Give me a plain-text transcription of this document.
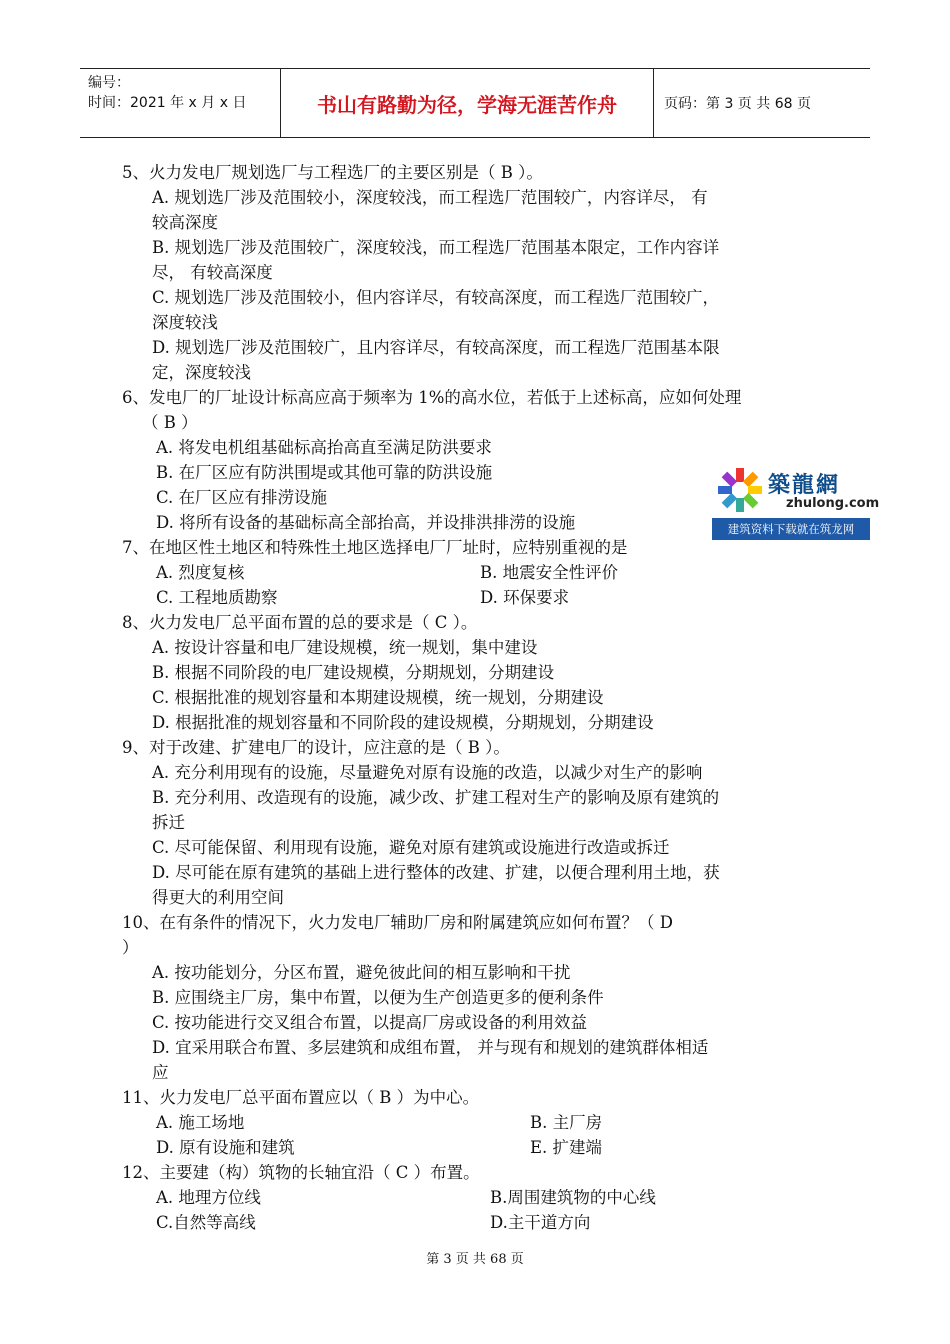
编号：
时间：2021 年 x 月 x 日	书山有路勤为径，学海无涯苦作舟	页码：第 3 页 共 68 页
5、火力发电厂规划选厂与工程选厂的主要区别是（ B ）。
A. 规划选厂涉及范围较小，深度较浅，而工程选厂范围较广，内容详尽， 有
较高深度
B. 规划选厂涉及范围较广，深度较浅，而工程选厂范围基本限定，工作内容详
尽， 有较高深度
C. 规划选厂涉及范围较小，但内容详尽，有较高深度，而工程选厂范围较广，
深度较浅
D. 规划选厂涉及范围较广，且内容详尽，有较高深度，而工程选厂范围基本限
定，深度较浅
6、发电厂的厂址设计标高应高于频率为 1%的高水位，若低于上述标高，应如何处理
（ B ）
A. 将发电机组基础标高抬高直至满足防洪要求
B. 在厂区应有防洪围堤或其他可靠的防洪设施
C. 在厂区应有排涝设施
D. 将所有设备的基础标高全部抬高，并设排洪排涝的设施
7、在地区性土地区和特殊性土地区选择电厂厂址时，应特别重视的是
A. 烈度复核	B. 地震安全性评价
C. 工程地质勘察	D. 环保要求
8、火力发电厂总平面布置的总的要求是（ C ）。
A. 按设计容量和电厂建设规模，统一规划，集中建设
B. 根据不同阶段的电厂建设规模，分期规划，分期建设
C. 根据批准的规划容量和本期建设规模，统一规划，分期建设
D. 根据批准的规划容量和不同阶段的建设规模，分期规划，分期建设
9、对于改建、扩建电厂的设计，应注意的是（ B ）。
A. 充分利用现有的设施，尽量避免对原有设施的改造，以减少对生产的影响
B. 充分利用、改造现有的设施，减少改、扩建工程对生产的影响及原有建筑的
拆迁
C. 尽可能保留、利用现有设施，避免对原有建筑或设施进行改造或拆迁
D. 尽可能在原有建筑的基础上进行整体的改建、扩建，以便合理利用土地，获
得更大的利用空间
10、在有条件的情况下，火力发电厂辅助厂房和附属建筑应如何布置？（ D
）
A. 按功能划分，分区布置，避免彼此间的相互影响和干扰
B. 应围绕主厂房，集中布置，以便为生产创造更多的便利条件
C. 按功能进行交叉组合布置，以提高厂房或设备的利用效益
D. 宜采用联合布置、多层建筑和成组布置， 并与现有和规划的建筑群体相适
应
11、火力发电厂总平面布置应以（ B ）为中心。
A. 施工场地	B. 主厂房
D. 原有设施和建筑	E. 扩建端
12、主要建（构）筑物的长轴宜沿（ C ）布置。
A. 地理方位线	B.周围建筑物的中心线
C.自然等高线	D.主干道方向
築龍網
zhulong.com
建筑资料下载就在筑龙网
第 3 页 共 68 页
